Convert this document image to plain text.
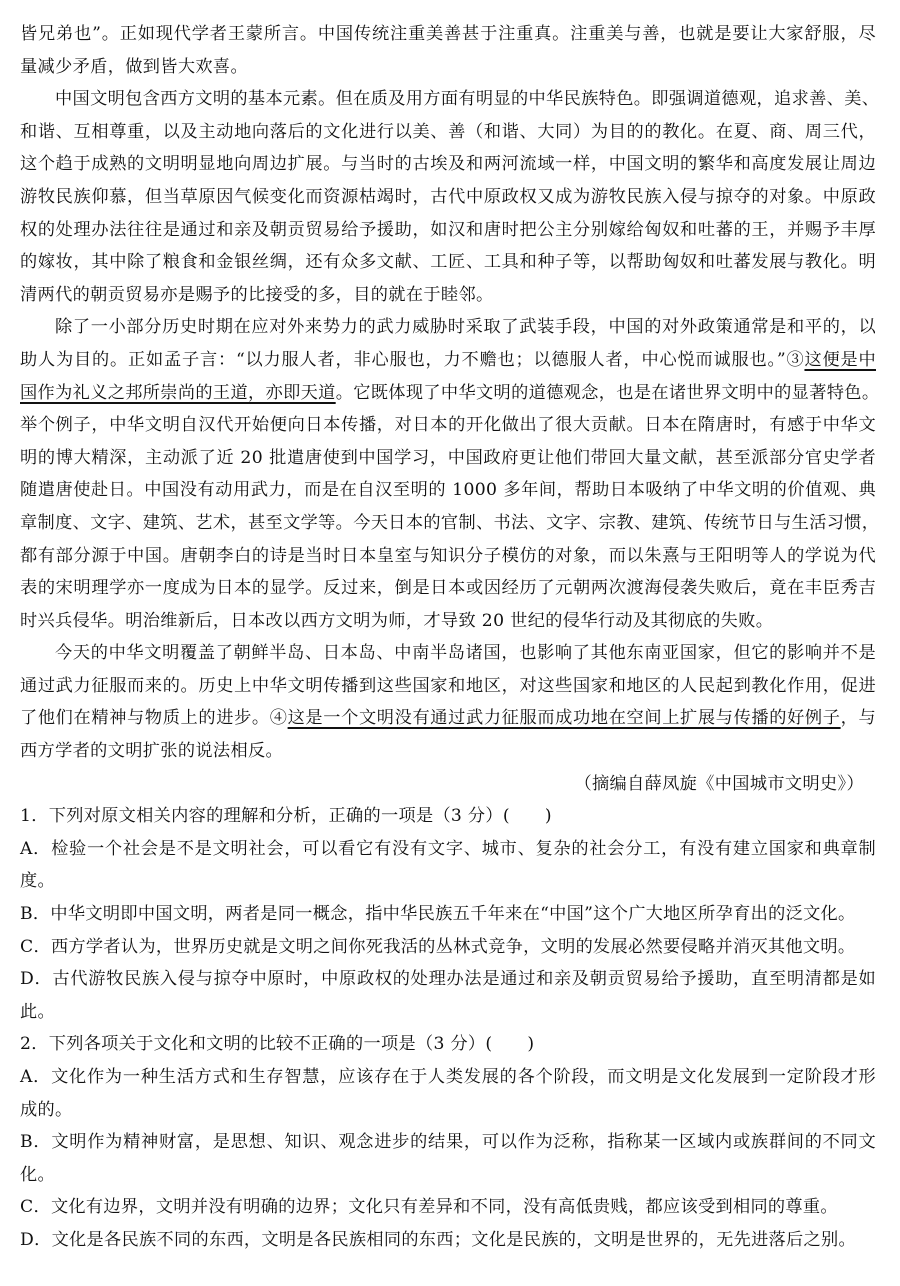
皆兄弟也”。正如现代学者王蒙所言。中国传统注重美善甚于注重真。注重美与善，也就是要让大家舒服，尽
量减少矛盾，做到皆大欢喜。
中国文明包含西方文明的基本元素。但在质及用方面有明显的中华民族特色。即强调道德观，追求善、美、
和谐、互相尊重，以及主动地向落后的文化进行以美、善（和谐、大同）为目的的教化。在夏、商、周三代，
这个趋于成熟的文明明显地向周边扩展。与当时的古埃及和两河流域一样，中国文明的繁华和高度发展让周边
游牧民族仰慕，但当草原因气候变化而资源枯竭时，古代中原政权又成为游牧民族入侵与掠夺的对象。中原政
权的处理办法往往是通过和亲及朝贡贸易给予援助，如汉和唐时把公主分别嫁给匈奴和吐蕃的王，并赐予丰厚
的嫁妆，其中除了粮食和金银丝绸，还有众多文献、工匠、工具和种子等，以帮助匈奴和吐蕃发展与教化。明
清两代的朝贡贸易亦是赐予的比接受的多，目的就在于睦邻。
除了一小部分历史时期在应对外来势力的武力威胁时采取了武装手段，中国的对外政策通常是和平的，以
助人为目的。正如孟子言：“以力服人者，非心服也，力不赡也；以德服人者，中心悦而诚服也。”③这便是中
国作为礼义之邦所崇尚的王道，亦即天道。它既体现了中华文明的道德观念，也是在诸世界文明中的显著特色。
举个例子，中华文明自汉代开始便向日本传播，对日本的开化做出了很大贡献。日本在隋唐时，有感于中华文
明的博大精深，主动派了近 20 批遣唐使到中国学习，中国政府更让他们带回大量文献，甚至派部分官史学者
随遣唐使赴日。中国没有动用武力，而是在自汉至明的 1000 多年间，帮助日本吸纳了中华文明的价值观、典
章制度、文字、建筑、艺术，甚至文学等。今天日本的官制、书法、文字、宗教、建筑、传统节日与生活习惯，
都有部分源于中国。唐朝李白的诗是当时日本皇室与知识分子模仿的对象，而以朱熹与王阳明等人的学说为代
表的宋明理学亦一度成为日本的显学。反过来，倒是日本或因经历了元朝两次渡海侵袭失败后，竟在丰臣秀吉
时兴兵侵华。明治维新后，日本改以西方文明为师，才导致 20 世纪的侵华行动及其彻底的失败。
今天的中华文明覆盖了朝鲜半岛、日本岛、中南半岛诸国，也影响了其他东南亚国家，但它的影响并不是
通过武力征服而来的。历史上中华文明传播到这些国家和地区，对这些国家和地区的人民起到教化作用，促进
了他们在精神与物质上的进步。④这是一个文明没有通过武力征服而成功地在空间上扩展与传播的好例子，与
西方学者的文明扩张的说法相反。
（摘编自薛凤旋《中国城市文明史》）
1．下列对原文相关内容的理解和分析，正确的一项是（3 分）(　　)
A．检验一个社会是不是文明社会，可以看它有没有文字、城市、复杂的社会分工，有没有建立国家和典章制
度。
B．中华文明即中国文明，两者是同一概念，指中华民族五千年来在“中国”这个广大地区所孕育出的泛文化。
C．西方学者认为，世界历史就是文明之间你死我活的丛林式竞争，文明的发展必然要侵略并消灭其他文明。
D．古代游牧民族入侵与掠夺中原时，中原政权的处理办法是通过和亲及朝贡贸易给予援助，直至明清都是如
此。
2．下列各项关于文化和文明的比较不正确的一项是（3 分）(　　)
A．文化作为一种生活方式和生存智慧，应该存在于人类发展的各个阶段，而文明是文化发展到一定阶段才形
成的。
B．文明作为精神财富，是思想、知识、观念进步的结果，可以作为泛称，指称某一区域内或族群间的不同文
化。
C．文化有边界，文明并没有明确的边界；文化只有差异和不同，没有高低贵贱，都应该受到相同的尊重。
D．文化是各民族不同的东西，文明是各民族相同的东西；文化是民族的，文明是世界的，无先进落后之别。
